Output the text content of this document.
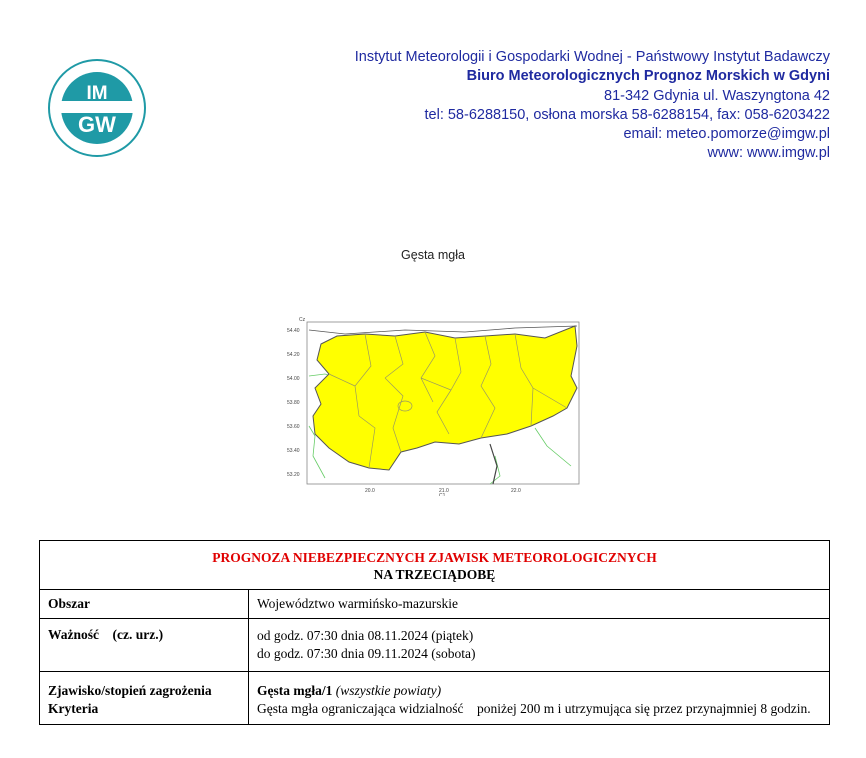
IM
GW
Instytut Meteorologii i Gospodarki Wodnej - Państwowy Instytut Badawczy
Biuro Meteorologicznych Prognoz Morskich w Gdyni
81-342 Gdynia ul. Waszyngtona 42
tel: 58-6288150, osłona morska 58-6288154, fax: 058-6203422
email: meteo.pomorze@imgw.pl
www: www.imgw.pl
Gęsta mgła
54.40
54.20
54.00
53.80
53.60
53.40
53.20
20.0	21.0	22.0
Cz
C1
PROGNOZA NIEBEZPIECZNYCH ZJAWISK METEOROLOGICZNYCH
NA TRZECIĄDOBĘ	

Obszar	Województwo warmińsko-mazurskie
Ważność    (cz. urz.)	od godz. 07:30 dnia 08.11.2024 (piątek)
do godz. 07:30 dnia 09.11.2024 (sobota)

Zjawisko/stopień zagrożenia
Kryteria	Gęsta mgła/1 (wszystkie powiaty)
Gęsta mgła ograniczająca widzialność    poniżej 200 m i utrzymująca się przez przynajmniej 8 godzin.
